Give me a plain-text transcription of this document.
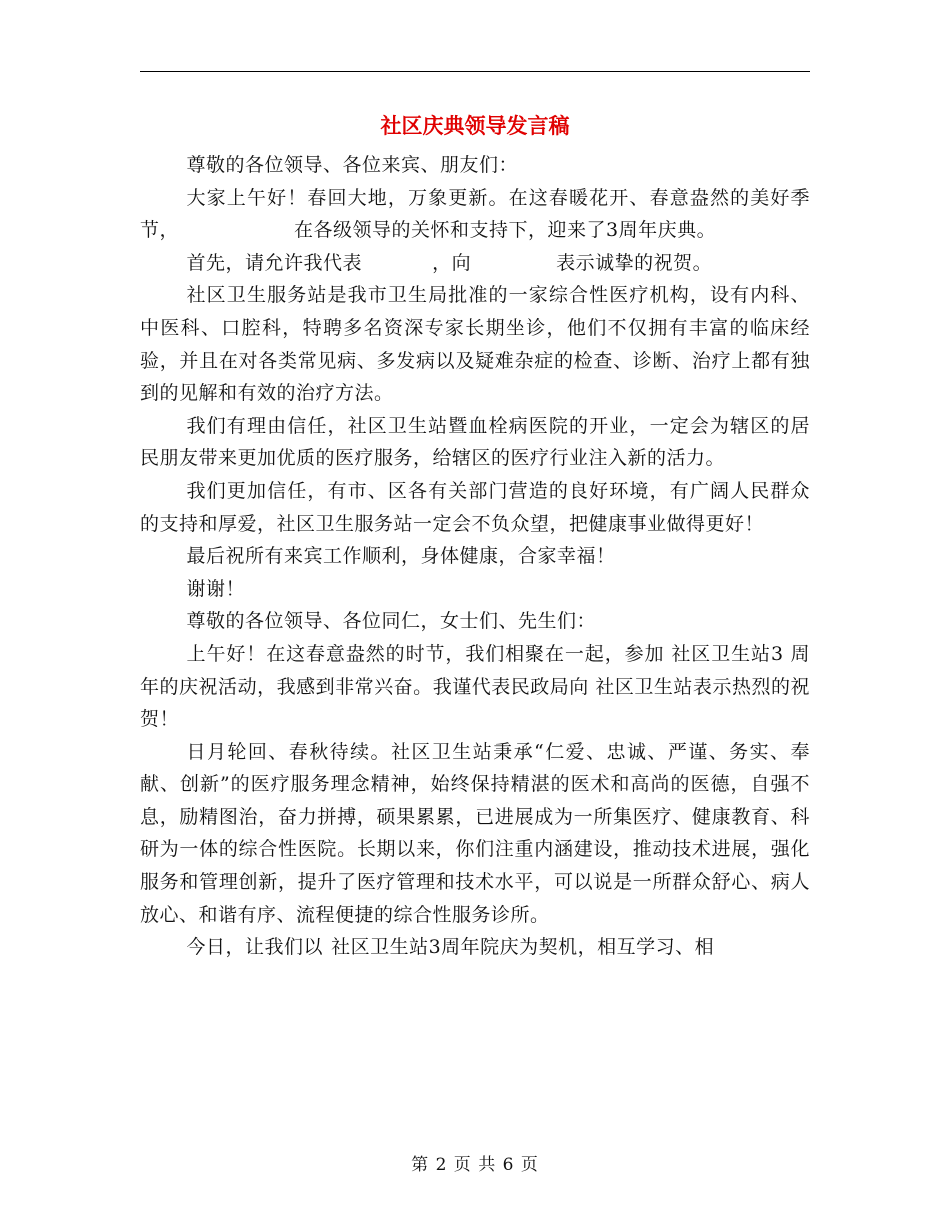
社区庆典领导发言稿

尊敬的各位领导、各位来宾、朋友们：

大家上午好！春回大地，万象更新。在这春暖花开、春意盎然的美好季节，	在各级领导的关怀和支持下，迎来了3周年庆典。

首先，请允许我代表	，向	表示诚挚的祝贺。

社区卫生服务站是我市卫生局批准的一家综合性医疗机构，设有内科、中医科、口腔科，特聘多名资深专家长期坐诊，他们不仅拥有丰富的临床经验，并且在对各类常见病、多发病以及疑难杂症的检查、诊断、治疗上都有独到的见解和有效的治疗方法。

我们有理由信任，社区卫生站暨血栓病医院的开业，一定会为辖区的居民朋友带来更加优质的医疗服务，给辖区的医疗行业注入新的活力。

我们更加信任，有市、区各有关部门营造的良好环境，有广阔人民群众的支持和厚爱，社区卫生服务站一定会不负众望，把健康事业做得更好！

最后祝所有来宾工作顺利，身体健康，合家幸福！

谢谢！

尊敬的各位领导、各位同仁，女士们、先生们：

上午好！在这春意盎然的时节，我们相聚在一起，参加 社区卫生站3 周年的庆祝活动，我感到非常兴奋。我谨代表民政局向 社区卫生站表示热烈的祝贺！

日月轮回、春秋待续。社区卫生站秉承“仁爱、忠诚、严谨、务实、奉献、创新”的医疗服务理念精神，始终保持精湛的医术和高尚的医德，自强不息，励精图治，奋力拼搏，硕果累累，已进展成为一所集医疗、健康教育、科研为一体的综合性医院。长期以来，你们注重内涵建设，推动技术进展，强化服务和管理创新，提升了医疗管理和技术水平，可以说是一所群众舒心、病人放心、和谐有序、流程便捷的综合性服务诊所。

今日，让我们以 社区卫生站3周年院庆为契机，相互学习、相

第 2 页 共 6 页
